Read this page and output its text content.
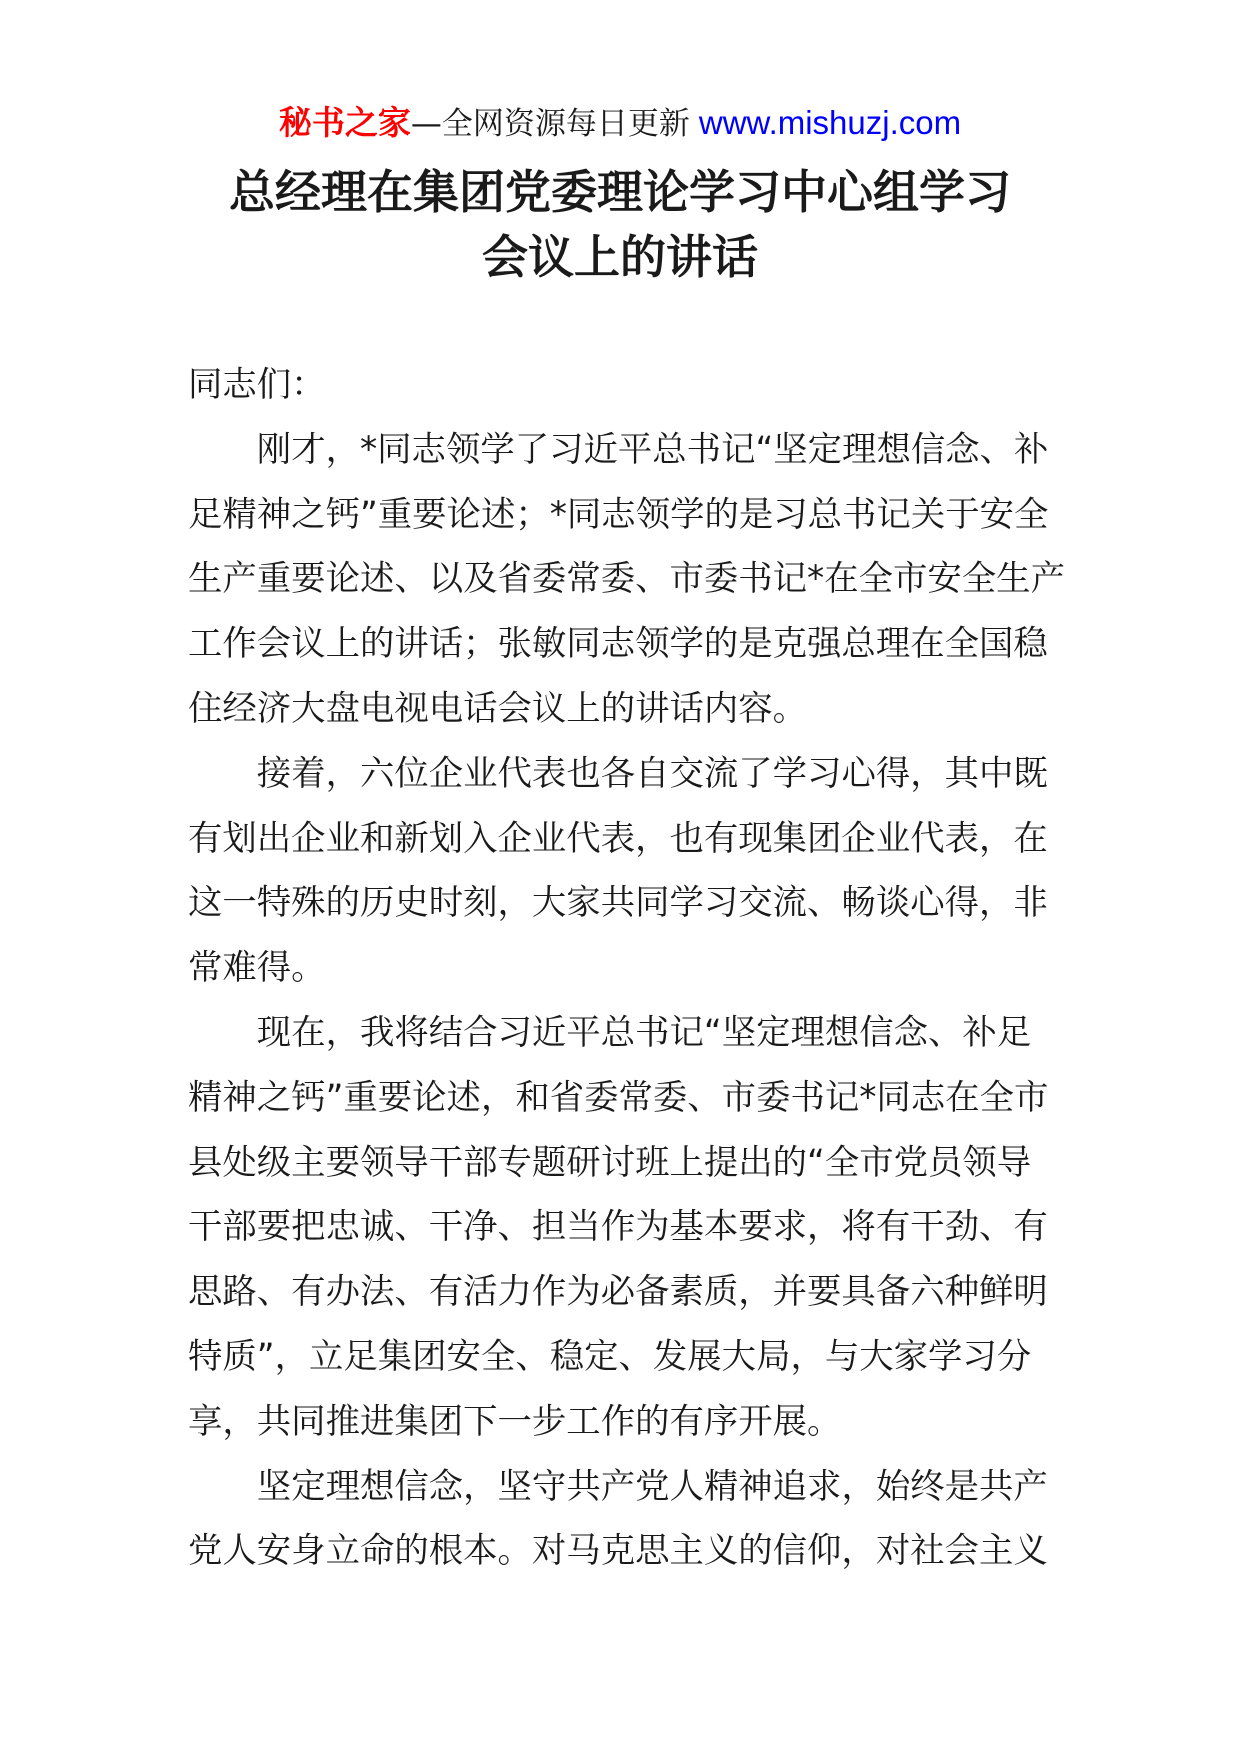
秘书之家—全网资源每日更新 www.mishuzj.com
总经理在集团党委理论学习中心组学习
会议上的讲话
同志们：
刚才，*同志领学了习近平总书记“坚定理想信念、补
足精神之钙”重要论述；*同志领学的是习总书记关于安全
生产重要论述、以及省委常委、市委书记*在全市安全生产
工作会议上的讲话；张敏同志领学的是克强总理在全国稳
住经济大盘电视电话会议上的讲话内容。
接着，六位企业代表也各自交流了学习心得，其中既
有划出企业和新划入企业代表，也有现集团企业代表，在
这一特殊的历史时刻，大家共同学习交流、畅谈心得，非
常难得。
现在，我将结合习近平总书记“坚定理想信念、补足
精神之钙”重要论述，和省委常委、市委书记*同志在全市
县处级主要领导干部专题研讨班上提出的“全市党员领导
干部要把忠诚、干净、担当作为基本要求，将有干劲、有
思路、有办法、有活力作为必备素质，并要具备六种鲜明
特质”，立足集团安全、稳定、发展大局，与大家学习分
享，共同推进集团下一步工作的有序开展。
坚定理想信念，坚守共产党人精神追求，始终是共产
党人安身立命的根本。对马克思主义的信仰，对社会主义
